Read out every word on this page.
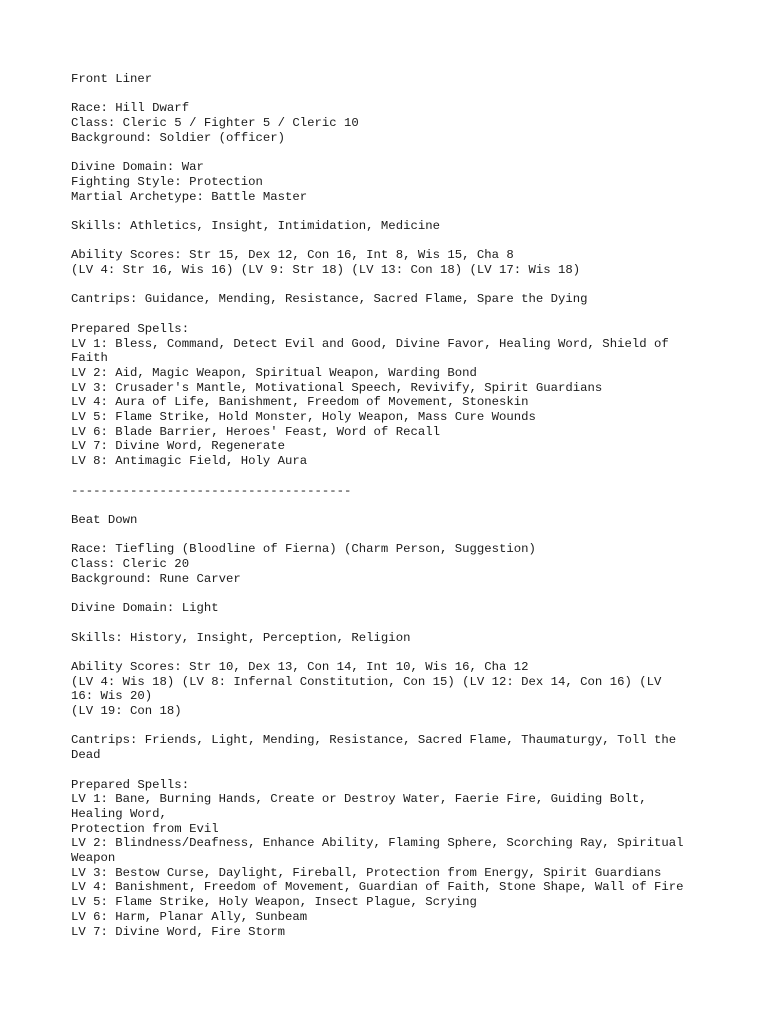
Front Liner
Race: Hill Dwarf
Class: Cleric 5 / Fighter 5 / Cleric 10
Background: Soldier (officer)
Divine Domain: War
Fighting Style: Protection
Martial Archetype: Battle Master
Skills: Athletics, Insight, Intimidation, Medicine
Ability Scores: Str 15, Dex 12, Con 16, Int 8, Wis 15, Cha 8
(LV 4: Str 16, Wis 16) (LV 9: Str 18) (LV 13: Con 18) (LV 17: Wis 18)
Cantrips: Guidance, Mending, Resistance, Sacred Flame, Spare the Dying
Prepared Spells:
LV 1: Bless, Command, Detect Evil and Good, Divine Favor, Healing Word, Shield of
Faith
LV 2: Aid, Magic Weapon, Spiritual Weapon, Warding Bond
LV 3: Crusader's Mantle, Motivational Speech, Revivify, Spirit Guardians
LV 4: Aura of Life, Banishment, Freedom of Movement, Stoneskin
LV 5: Flame Strike, Hold Monster, Holy Weapon, Mass Cure Wounds
LV 6: Blade Barrier, Heroes' Feast, Word of Recall
LV 7: Divine Word, Regenerate
LV 8: Antimagic Field, Holy Aura
--------------------------------------
Beat Down
Race: Tiefling (Bloodline of Fierna) (Charm Person, Suggestion)
Class: Cleric 20
Background: Rune Carver
Divine Domain: Light
Skills: History, Insight, Perception, Religion
Ability Scores: Str 10, Dex 13, Con 14, Int 10, Wis 16, Cha 12
(LV 4: Wis 18) (LV 8: Infernal Constitution, Con 15) (LV 12: Dex 14, Con 16) (LV
16: Wis 20)
(LV 19: Con 18)
Cantrips: Friends, Light, Mending, Resistance, Sacred Flame, Thaumaturgy, Toll the
Dead
Prepared Spells:
LV 1: Bane, Burning Hands, Create or Destroy Water, Faerie Fire, Guiding Bolt,
Healing Word,
Protection from Evil
LV 2: Blindness/Deafness, Enhance Ability, Flaming Sphere, Scorching Ray, Spiritual
Weapon
LV 3: Bestow Curse, Daylight, Fireball, Protection from Energy, Spirit Guardians
LV 4: Banishment, Freedom of Movement, Guardian of Faith, Stone Shape, Wall of Fire
LV 5: Flame Strike, Holy Weapon, Insect Plague, Scrying
LV 6: Harm, Planar Ally, Sunbeam
LV 7: Divine Word, Fire Storm
